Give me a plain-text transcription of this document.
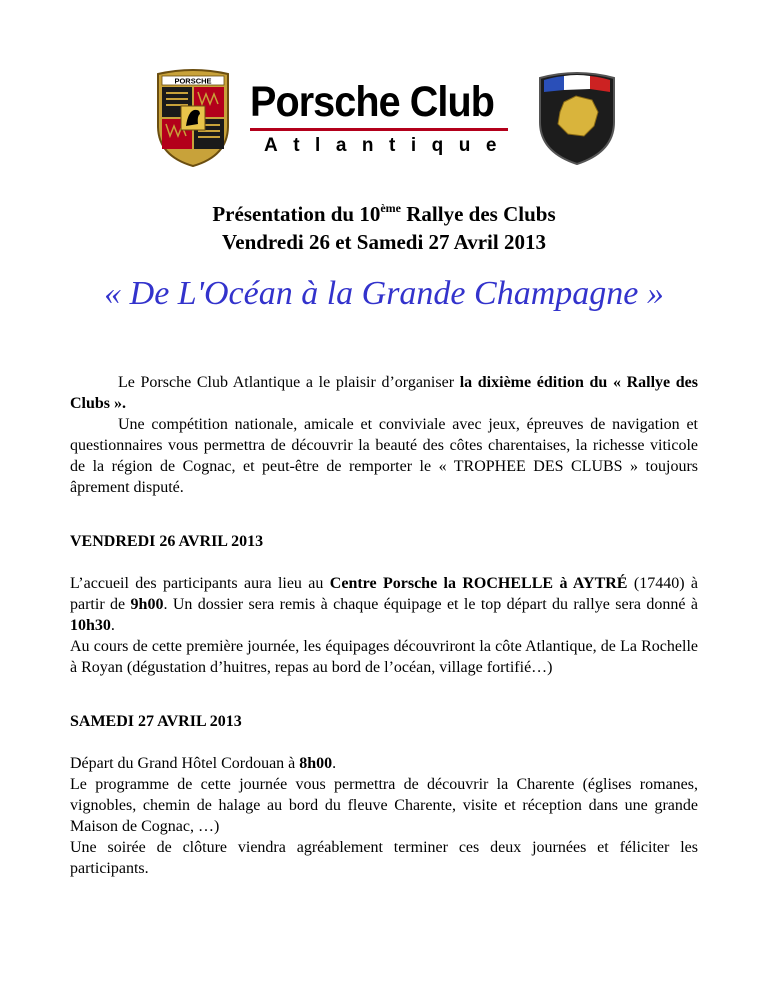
PORSCHE Porsche Club
Atlantique
Présentation du 10ème Rallye des Clubs
Vendredi 26 et Samedi 27 Avril 2013
« De L'Océan à la Grande Champagne »

Le Porsche Club Atlantique a le plaisir d’organiser la dixième édition du « Rallye des Clubs ».

Une compétition nationale, amicale et conviviale avec jeux, épreuves de navigation et questionnaires vous permettra de découvrir la beauté des côtes charentaises, la richesse viticole de la région de Cognac, et peut-être de remporter le « TROPHEE DES CLUBS » toujours âprement disputé.

VENDREDI 26 AVRIL 2013

L’accueil des participants aura lieu au Centre Porsche la ROCHELLE à AYTRÉ (17440) à partir de 9h00. Un dossier sera remis à chaque équipage et le top départ du rallye sera donné à 10h30.

Au cours de cette première journée, les équipages découvriront la côte Atlantique, de La Rochelle à Royan (dégustation d’huitres, repas au bord de l’océan, village fortifié…)

SAMEDI 27 AVRIL 2013

Départ du Grand Hôtel Cordouan à 8h00.

Le programme de cette journée vous permettra de découvrir la Charente (églises romanes, vignobles, chemin de halage au bord du fleuve Charente, visite et réception dans une grande Maison de Cognac, …)

Une soirée de clôture viendra agréablement terminer ces deux journées et féliciter les participants.
